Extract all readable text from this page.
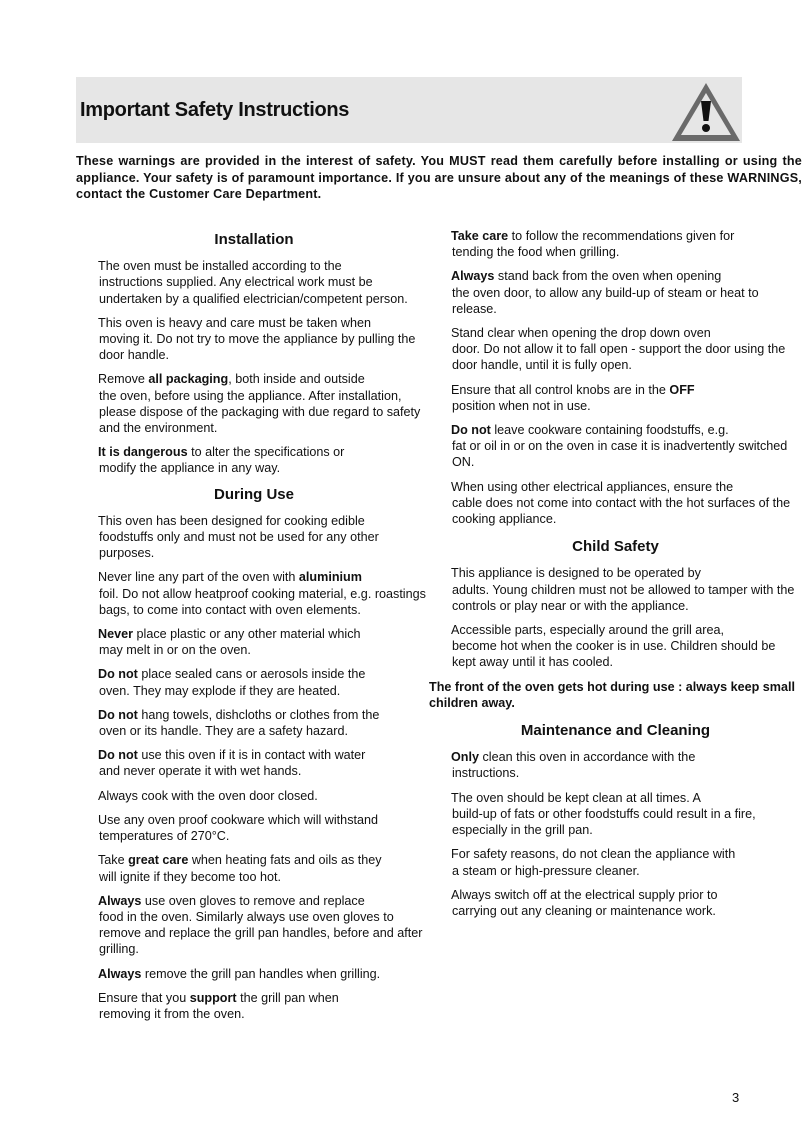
Important Safety Instructions
These warnings are provided in the interest of safety. You MUST read them carefully before installing or using the appliance. Your safety is of paramount importance. If you are unsure about any of the meanings of these WARNINGS, contact the Customer Care Department.
Installation
The oven must be installed according to the
instructions supplied. Any electrical work must be undertaken by a qualified electrician/competent person.
This oven is heavy and care must be taken when
moving it. Do not try to move the appliance by pulling the door handle.
Remove all packaging, both inside and outside
the oven, before using the appliance. After installation, please dispose of the packaging with due regard to safety and the environment.
It is dangerous to alter the specifications or
modify the appliance in any way.
During Use
This oven has been designed for cooking edible
foodstuffs only and must not be used for any other purposes.
Never line any part of the oven with aluminium
foil. Do not allow heatproof cooking material, e.g. roastings bags, to come into contact with oven elements.
Never place plastic or any other material which
may melt in or on the oven.
Do not place sealed cans or aerosols inside the
oven. They may explode if they are heated.
Do not hang towels, dishcloths or clothes from the
oven or its handle. They are a safety hazard.
Do not use this oven if it is in contact with water
and never operate it with wet hands.
Always cook with the oven door closed.
Use any oven proof cookware which will withstand
temperatures of 270°C.
Take great care when heating fats and oils as they
will ignite if they become too hot.
Always use oven gloves to remove and replace
food in the oven. Similarly always use oven gloves to remove and replace the grill pan handles, before and after grilling.
Always remove the grill pan handles when grilling.
Ensure that you support the grill pan when
removing it from the oven.
Take care to follow the recommendations given for
tending the food when grilling.
Always stand back from the oven when opening
the oven door, to allow any build-up of steam or heat to release.
Stand clear when opening the drop down oven
door. Do not allow it to fall open - support the door using the door handle, until it is fully open.
Ensure that all control knobs are in the OFF
position when not in use.
Do not leave cookware containing foodstuffs, e.g.
fat or oil in or on the oven in case it is inadvertently switched ON.
When using other electrical appliances, ensure the
cable does not come into contact with the hot surfaces of the cooking appliance.
Child Safety
This appliance is designed to be operated by
adults. Young children must not be allowed to tamper with the controls or play near or with the appliance.
Accessible parts, especially around the grill area,
become hot when the cooker is in use. Children should be kept away until it has cooled.
The front of the oven gets hot during use : always keep small children away.
Maintenance and Cleaning
Only clean this oven in accordance with the
instructions.
The oven should be kept clean at all times. A
build-up of fats or other foodstuffs could result in a fire, especially in the grill pan.
For safety reasons, do not clean the appliance with
a steam or high-pressure cleaner.
Always switch off at the electrical supply prior to
carrying out any cleaning or maintenance work.
3
